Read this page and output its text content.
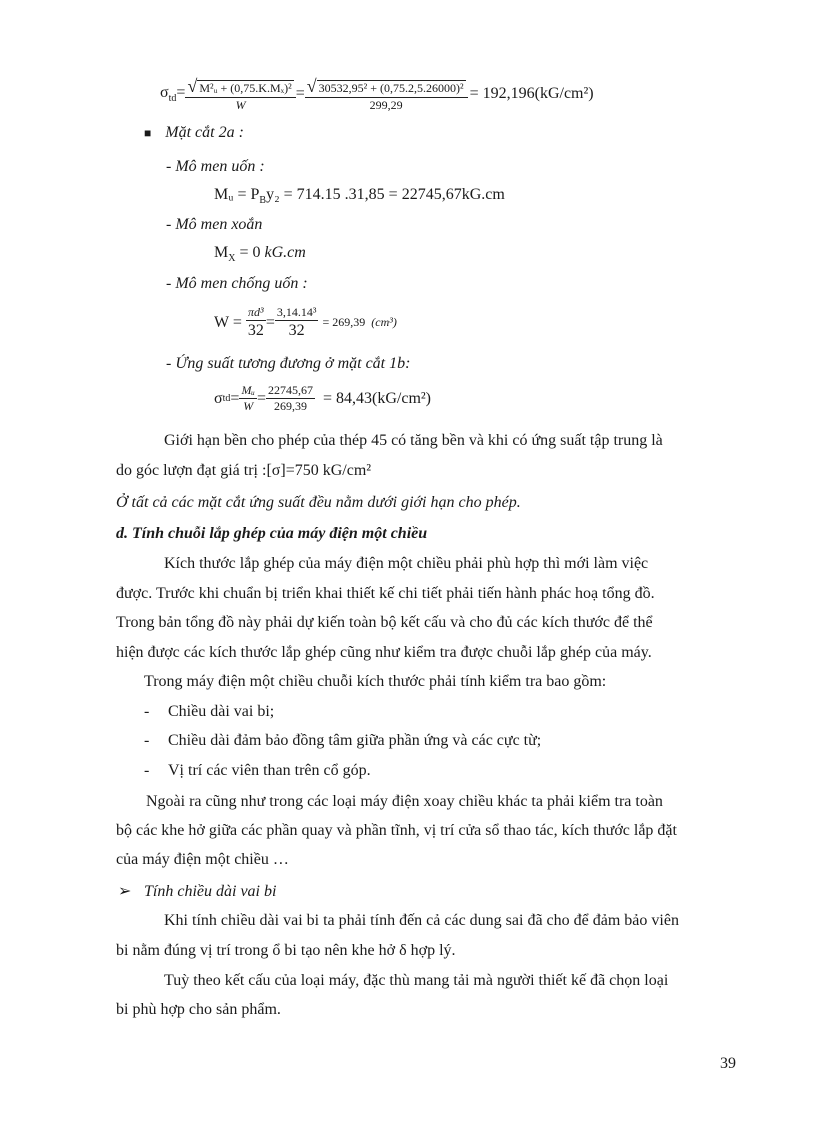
$\sigma_{td}= \frac{\text{√ M²ᵤ + (0,75.K.Mₓ)²}}{W} = \frac{\text{√ 30532,95² + (0,75.2,5.26000)²}}{299,29} = 192,196(kG/cm^2)$
■ Mặt cắt 2a :
- Mô men uốn :
Mᵤ = $P_By_2 = 714.15$ .31,85 = 22745,67kG.cm
- Mô men xoắn
$M_X = 0$ kG.cm
- Mô men chống uốn :
$W = \frac{\text{πd³}}{32} = \frac{\text{3,14.14³}}{32} = 269,39$ (cm³)
- Ứng suất tương đương ở mặt cắt 1b:
σ td = $\frac{\text{Mᵤ}}{W} = \frac{22745,67}{269,39} = 84,43(kG/cm^2)$
Giới hạn bền cho phép của thép 45 có tăng bền và khi có ứng suất tập trung là
do góc lượn đạt giá trị :[σ]=750 kG/cm²
Ở tất cả các mặt cắt ứng suất đều nằm dưới giới hạn cho phép.
d. Tính chuỗi lắp ghép của máy điện một chiều
Kích thước lắp ghép của máy điện một chiều phải phù hợp thì mới làm việc
được. Trước khi chuẩn bị triển khai thiết kế chi tiết phải tiến hành phác hoạ tổng đồ.
Trong bản tổng đồ này phải dự kiến toàn bộ kết cấu và cho đủ các kích thước để thể
hiện được các kích thước lắp ghép cũng như kiểm tra được chuỗi lắp ghép của máy.
Trong máy điện một chiều chuỗi kích thước phải tính kiểm tra bao gồm:
- Chiều dài vai bi;
- Chiều dài đảm bảo đồng tâm giữa phần ứng và các cực từ;
- Vị trí các viên than trên cổ góp.
Ngoài ra cũng như trong các loại máy điện xoay chiều khác ta phải kiểm tra toàn
bộ các khe hở giữa các phần quay và phần tĩnh, vị trí cửa sổ thao tác, kích thước lắp đặt
của máy điện một chiều …
➢ Tính chiều dài vai bi
Khi tính chiều dài vai bi ta phải tính đến cả các dung sai đã cho để đảm bảo viên
bi nằm đúng vị trí trong ổ bi tạo nên khe hở δ hợp lý.
Tuỳ theo kết cấu của loại máy, đặc thù mang tải mà người thiết kế đã chọn loại
bi phù hợp cho sản phẩm.
39
